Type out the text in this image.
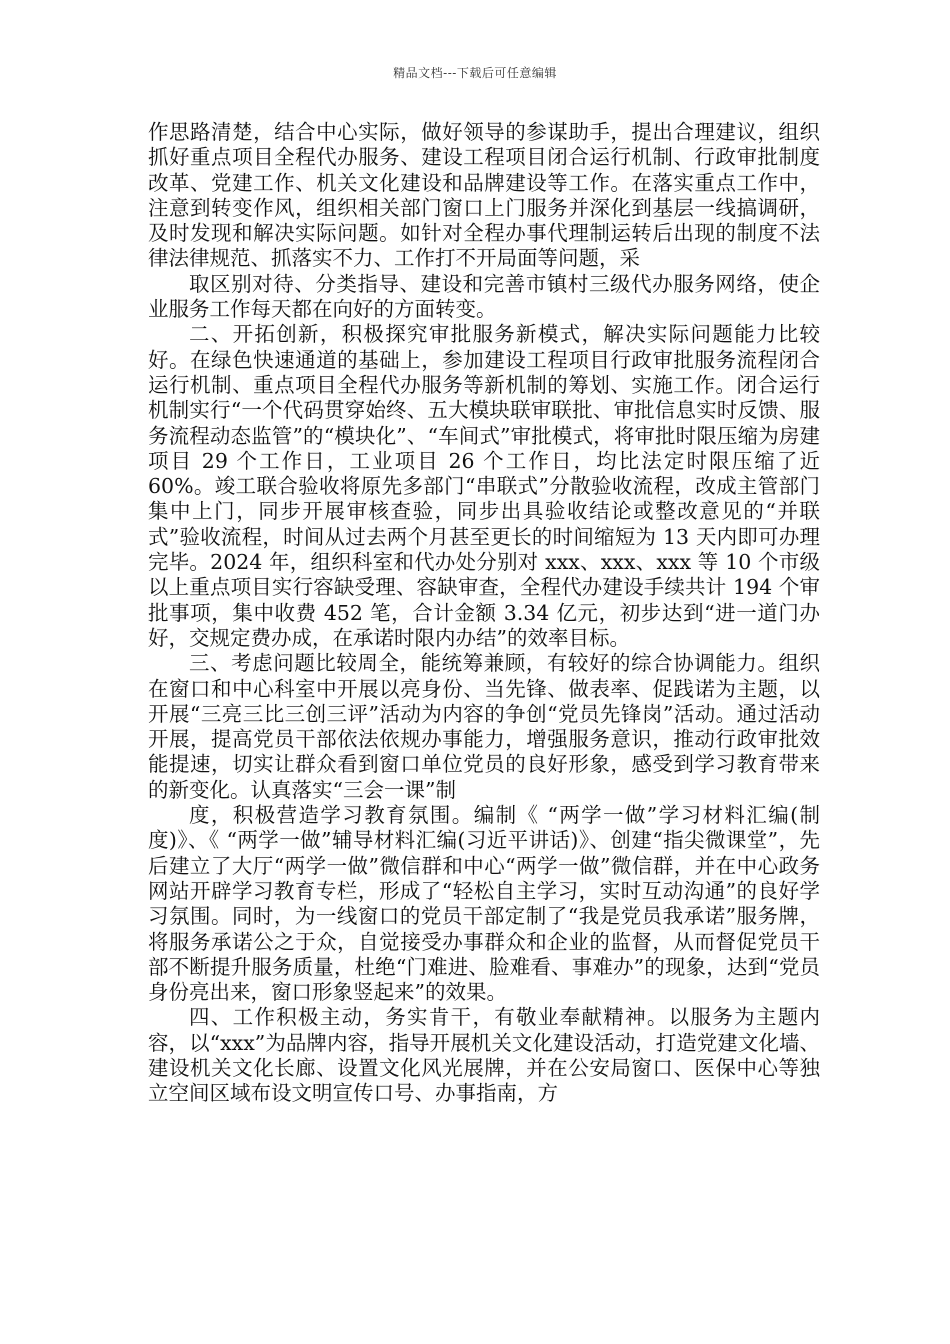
精品文档---下载后可任意编辑

作思路清楚，结合中心实际，做好领导的参谋助手，提出合理建议，组织抓好重点项目全程代办服务、建设工程项目闭合运行机制、行政审批制度改革、党建工作、机关文化建设和品牌建设等工作。在落实重点工作中，注意到转变作风，组织相关部门窗口上门服务并深化到基层一线搞调研，及时发现和解决实际问题。如针对全程办事代理制运转后出现的制度不法律法律规范、抓落实不力、工作打不开局面等问题，采

取区别对待、分类指导、建设和完善市镇村三级代办服务网络，使企业服务工作每天都在向好的方面转变。

二、开拓创新，积极探究审批服务新模式，解决实际问题能力比较好。在绿色快速通道的基础上，参加建设工程项目行政审批服务流程闭合运行机制、重点项目全程代办服务等新机制的筹划、实施工作。闭合运行机制实行“一个代码贯穿始终、五大模块联审联批、审批信息实时反馈、服务流程动态监管”的“模块化”、“车间式”审批模式，将审批时限压缩为房建项目 29 个工作日，工业项目 26 个工作日，均比法定时限压缩了近 60%。竣工联合验收将原先多部门“串联式”分散验收流程，改成主管部门集中上门，同步开展审核查验，同步出具验收结论或整改意见的“并联式”验收流程，时间从过去两个月甚至更长的时间缩短为 13 天内即可办理完毕。2024 年，组织科室和代办处分别对 xxx、xxx、xxx 等 10 个市级以上重点项目实行容缺受理、容缺审查，全程代办建设手续共计 194 个审批事项，集中收费 452 笔，合计金额 3.34 亿元，初步达到“进一道门办好，交规定费办成，在承诺时限内办结”的效率目标。

三、考虑问题比较周全，能统筹兼顾，有较好的综合协调能力。组织在窗口和中心科室中开展以亮身份、当先锋、做表率、促践诺为主题，以开展“三亮三比三创三评”活动为内容的争创“党员先锋岗”活动。通过活动开展，提高党员干部依法依规办事能力，增强服务意识，推动行政审批效能提速，切实让群众看到窗口单位党员的良好形象，感受到学习教育带来的新变化。认真落实“三会一课”制

度，积极营造学习教育氛围。编制《 “两学一做”学习材料汇编(制度)》、《 “两学一做”辅导材料汇编(习近平讲话)》、创建“指尖微课堂”，先后建立了大厅“两学一做”微信群和中心“两学一做”微信群，并在中心政务网站开辟学习教育专栏，形成了“轻松自主学习，实时互动沟通”的良好学习氛围。同时，为一线窗口的党员干部定制了“我是党员我承诺”服务牌，将服务承诺公之于众，自觉接受办事群众和企业的监督，从而督促党员干部不断提升服务质量，杜绝“门难进、脸难看、事难办”的现象，达到“党员身份亮出来，窗口形象竖起来”的效果。

四、工作积极主动，务实肯干，有敬业奉献精神。以服务为主题内容，以“xxx”为品牌内容，指导开展机关文化建设活动，打造党建文化墙、建设机关文化长廊、设置文化风光展牌，并在公安局窗口、医保中心等独立空间区域布设文明宣传口号、办事指南，方
